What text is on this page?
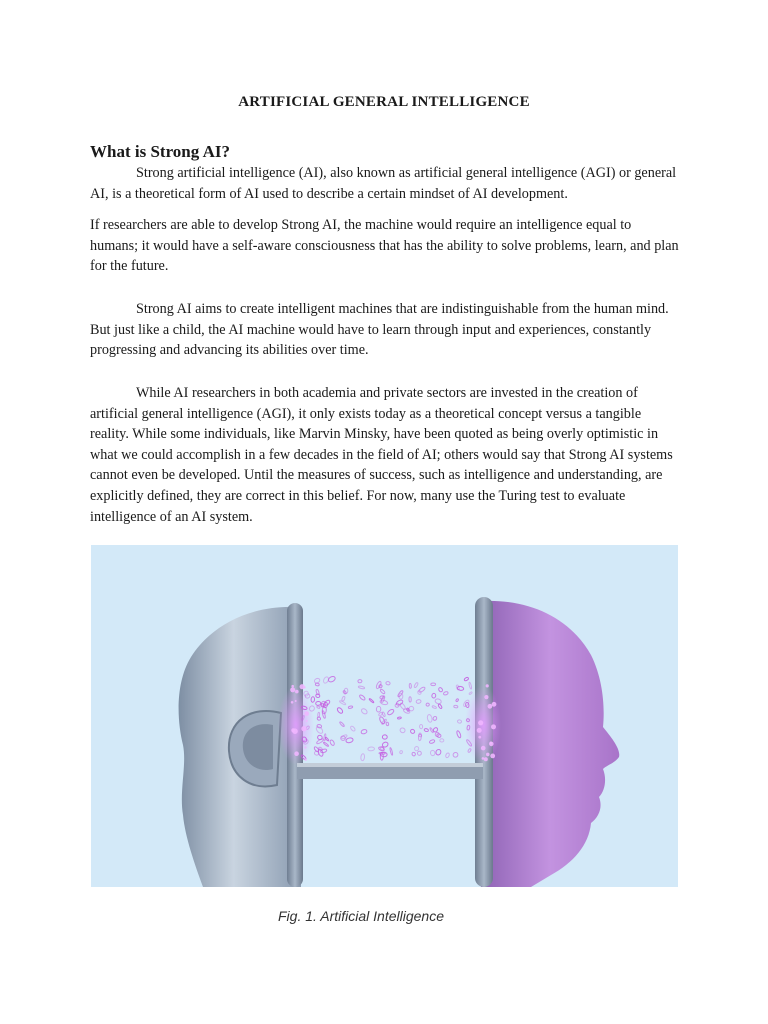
ARTIFICIAL GENERAL INTELLIGENCE
What is Strong AI?

Strong artificial intelligence (AI), also known as artificial general intelligence (AGI) or general AI, is a theoretical form of AI used to describe a certain mindset of AI development.

If researchers are able to develop Strong AI, the machine would require an intelligence equal to humans; it would have a self-aware consciousness that has the ability to solve problems, learn, and plan for the future.

Strong AI aims to create intelligent machines that are indistinguishable from the human mind. But just like a child, the AI machine would have to learn through input and experiences, constantly progressing and advancing its abilities over time.

While AI researchers in both academia and private sectors are invested in the creation of artificial general intelligence (AGI), it only exists today as a theoretical concept versus a tangible reality. While some individuals, like Marvin Minsky, have been quoted as being overly optimistic in what we could accomplish in a few decades in the field of AI; others would say that Strong AI systems cannot even be developed. Until the measures of success, such as intelligence and understanding, are explicitly defined, they are correct in this belief. For now, many use the Turing test to evaluate intelligence of an AI system.

Fig. 1. Artificial Intelligence
